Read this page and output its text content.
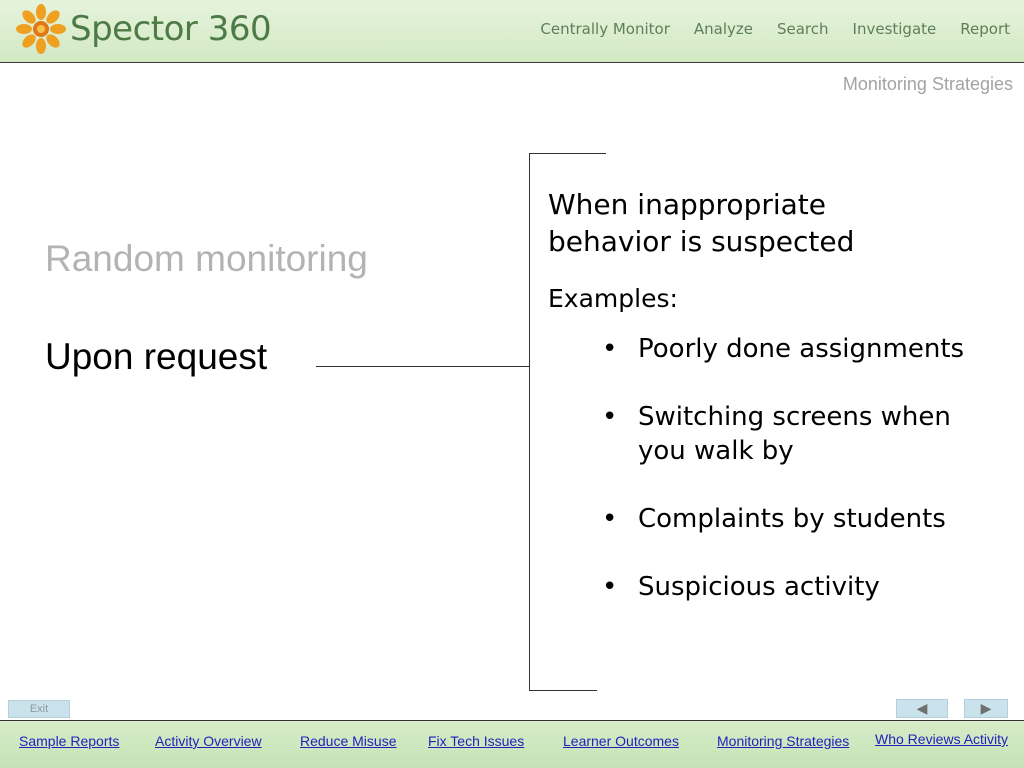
Spector 360	Centrally Monitor Analyze Search Investigate Report
Monitoring Strategies
Random monitoring
Upon request

When inappropriate
behavior is suspected

Examples:
• Poorly done assignments
• Switching screens when you walk by
• Complaints by students
• Suspicious activity
Exit	◀	▶
Sample Reports	Activity Overview	Reduce Misuse Fix Tech Issues	Learner Outcomes	Monitoring Strategies Who Reviews Activity
